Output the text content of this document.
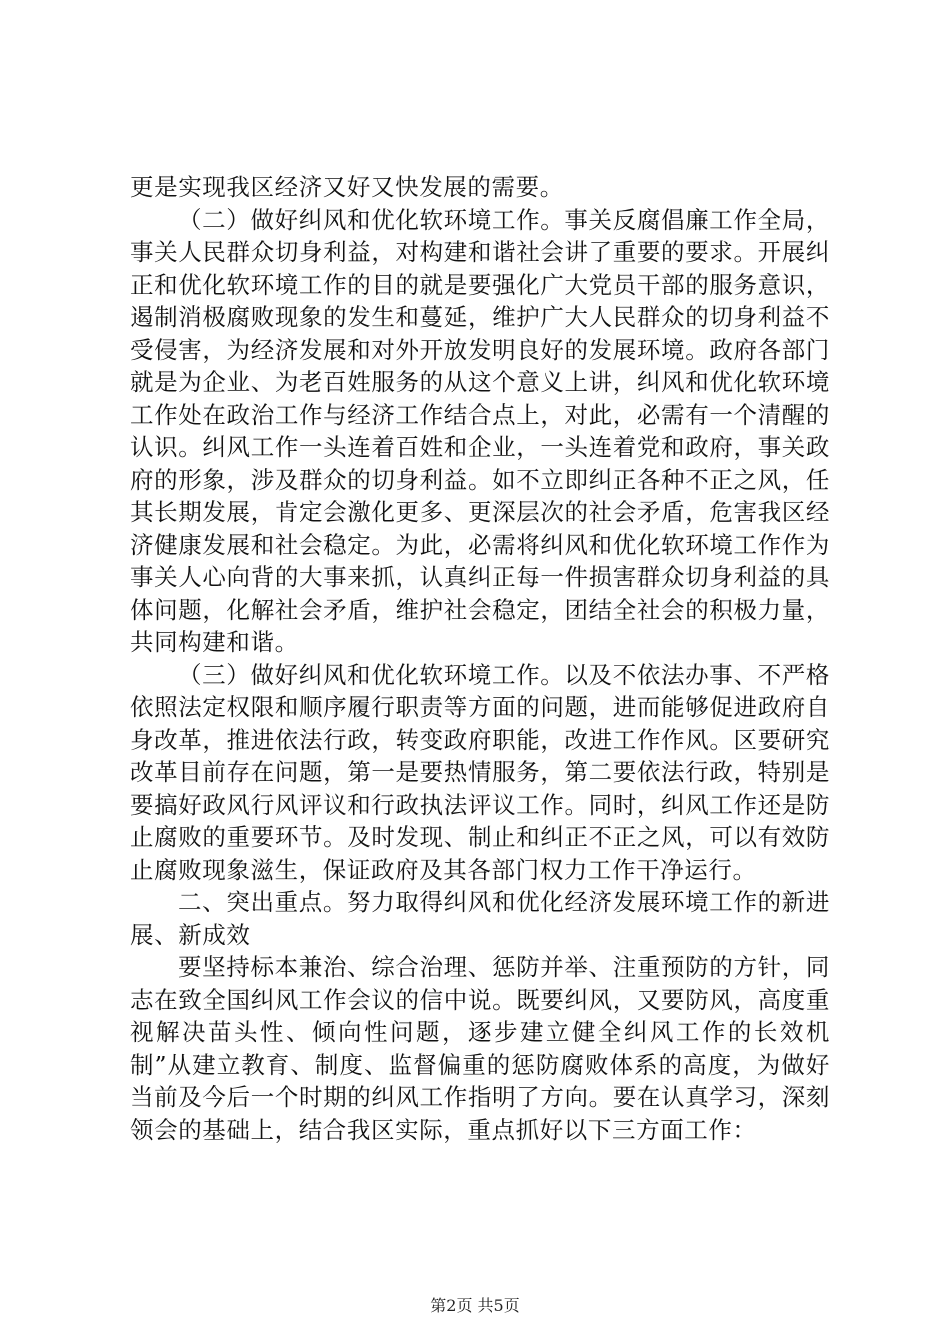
更是实现我区经济又好又快发展的需要。

（二）做好纠风和优化软环境工作。事关反腐倡廉工作全局，事关人民群众切身利益，对构建和谐社会讲了重要的要求。开展纠正和优化软环境工作的目的就是要强化广大党员干部的服务意识，遏制消极腐败现象的发生和蔓延，维护广大人民群众的切身利益不受侵害，为经济发展和对外开放发明良好的发展环境。政府各部门就是为企业、为老百姓服务的从这个意义上讲，纠风和优化软环境工作处在政治工作与经济工作结合点上，对此，必需有一个清醒的认识。纠风工作一头连着百姓和企业，一头连着党和政府，事关政府的形象，涉及群众的切身利益。如不立即纠正各种不正之风，任其长期发展，肯定会激化更多、更深层次的社会矛盾，危害我区经济健康发展和社会稳定。为此，必需将纠风和优化软环境工作作为事关人心向背的大事来抓，认真纠正每一件损害群众切身利益的具体问题，化解社会矛盾，维护社会稳定，团结全社会的积极力量，共同构建和谐。

（三）做好纠风和优化软环境工作。以及不依法办事、不严格依照法定权限和顺序履行职责等方面的问题，进而能够促进政府自身改革，推进依法行政，转变政府职能，改进工作作风。区要研究改革目前存在问题，第一是要热情服务，第二要依法行政，特别是要搞好政风行风评议和行政执法评议工作。同时，纠风工作还是防止腐败的重要环节。及时发现、制止和纠正不正之风，可以有效防止腐败现象滋生，保证政府及其各部门权力工作干净运行。

二、突出重点。努力取得纠风和优化经济发展环境工作的新进展、新成效

要坚持标本兼治、综合治理、惩防并举、注重预防的方针，同志在致全国纠风工作会议的信中说。既要纠风，又要防风，高度重视解决苗头性、倾向性问题，逐步建立健全纠风工作的长效机制”从建立教育、制度、监督偏重的惩防腐败体系的高度，为做好当前及今后一个时期的纠风工作指明了方向。要在认真学习，深刻领会的基础上，结合我区实际，重点抓好以下三方面工作：

第2页 共5页
